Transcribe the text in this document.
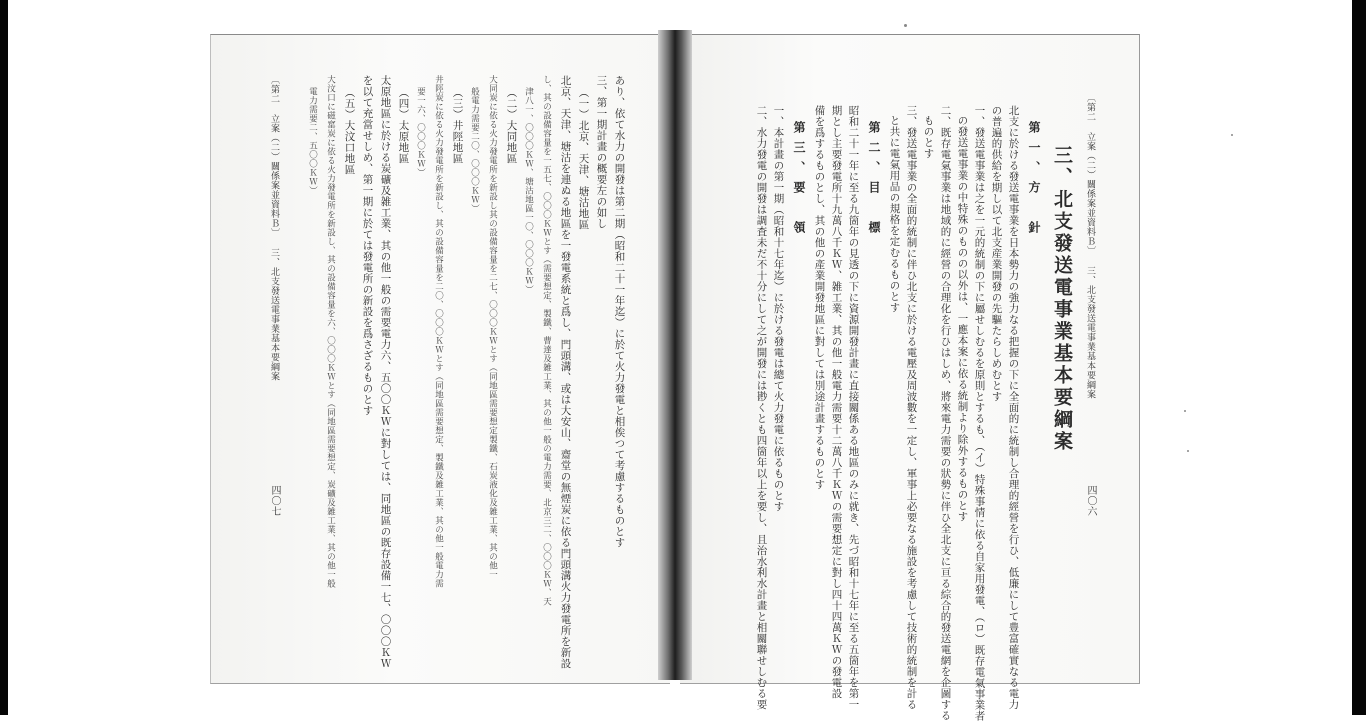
あり、依て水力の開發は第二期（昭和二十一年迄）に於て火力發電と相俟つて考慮するものとす
三、第一期計畫の概要左の如し
（一）北京、天津、塘沽地區
北京、天津、塘沽を連ぬる地區を一發電系統と爲し、門頭溝、或は大安山、齋堂の無煙炭に依る門頭溝火力發電所を新設
し、其の設備容量を一五七、〇〇〇ＫＷとす（需要想定、製鐵、曹達及雑工業、其の他一般の電力需要、北京三二、〇〇〇ＫＷ、天
津八一、〇〇〇ＫＷ、塘沽地區一〇、〇〇〇ＫＷ）
（二）大同地區
大同炭に依る火力發電所を新設し其の設備容量を二七、〇〇〇ＫＷとす（同地區需要想定製鐵、石炭液化及雑工業、其の他一
般電力需要二〇、〇〇〇ＫＷ）
（三）井陘地區
井陘炭に依る火力發電所を新設し、其の設備容量を二〇、〇〇〇ＫＷとす（同地區需要想定、製鐵及雑工業、其の他一般電力需
要一六、〇〇〇ＫＷ）
（四）太原地區
太原地區に於ける炭礦及雑工業、其の他一般の需要電力六、五〇〇ＫＷに對しては、同地區の既存設備一七、〇〇〇ＫＷ
を以て充當せしめ、第一期に於ては發電所の新設を爲さざるものとす
（五）大汶口地區
大汶口に磁窰炭に依る火力發電所を新設し、其の設備容量を六、〇〇〇ＫＷとす（同地區需要想定、炭礦及雑工業、其の他一般
電力需要二、五〇〇ＫＷ）
〔第二 立案（二）關係案並資料Ｂ〕 三、北支發送電事業基本要綱案
四〇七
〔第二 立案（二）關係案並資料Ｂ〕 三、北支發送電事業基本要綱案
四〇六
三、北支發送電事業基本要綱案
第一、方　針
北支に於ける發送電事業を日本勢力の強力なる把握の下に全面的に統制し合理的經營を行ひ、低廉にして豊富確實なる電力
の普遍的供給を期し以て北支産業開發の先驅たらしめむとす
一、發送電事業は之を一元的統制の下に屬せしむるを原則とするも、（イ）特殊事情に依る自家用發電、（ロ）既存電氣事業者
の發送電事業の中特殊のものの以外は、一應本案に依る統制より除外するものとす
二、既存電氣事業は地域的に經營の合理化を行ひはしめ、將來電力需要の狀勢に伴ひ全北支に亘る綜合的發送電網を企圖する
ものとす
三、發送電事業の全面的統制に伴ひ北支に於ける電壓及周波數を一定し、軍事上必要なる施設を考慮して技術的統制を計る
と共に電氣用品の規格を定むるものとす
第二、目　標
昭和二十一年に至る九箇年の見透の下に資源開發計畫に直接關係ある地區のみに就き、先づ昭和十七年に至る五箇年を第一
期とし主要發電所十九萬八千ＫＷ、雑工業、其の他一般電力需要十二萬八千ＫＷの需要想定に對し四十四萬ＫＷの發電設
備を爲するものとし、其の他の產業開發地區に對しては別途計畫するものとす
第三、要　領
一、本計畫の第一期（昭和十七年迄）に於ける發電は總て火力發電に依るものとす
二、水力發電の開發は調査未だ不十分にして之が開發には尠くとも四箇年以上を要し、且治水利水計畫と相關聯せしむる要
